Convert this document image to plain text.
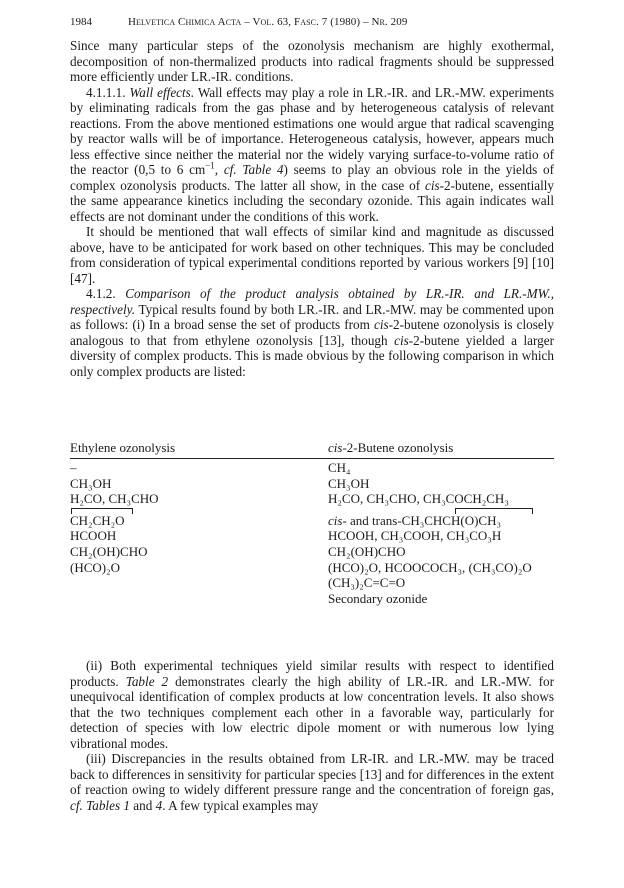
1984	Helvetica Chimica Acta – Vol. 63, Fasc. 7 (1980) – Nr. 209

Since many particular steps of the ozonolysis mechanism are highly exothermal, decomposition of non-thermalized products into radical fragments should be suppressed more efficiently under LR.-IR. conditions.

4.1.1.1. Wall effects. Wall effects may play a role in LR.-IR. and LR.-MW. experiments by eliminating radicals from the gas phase and by heterogeneous catalysis of relevant reactions. From the above mentioned estimations one would argue that radical scavenging by reactor walls will be of importance. Heterogeneous catalysis, however, appears much less effective since neither the material nor the widely varying surface-to-volume ratio of the reactor (0,5 to 6 $cm^{-1}$, cf. Table 4) seems to play an obvious role in the yields of complex ozonolysis products. The latter all show, in the case of cis-2-butene, essentially the same appearance kinetics including the secondary ozonide. This again indicates wall effects are not dominant under the conditions of this work.

It should be mentioned that wall effects of similar kind and magnitude as discussed above, have to be anticipated for work based on other techniques. This may be concluded from consideration of typical experimental conditions reported by various workers [9] [10] [47].

4.1.2. Comparison of the product analysis obtained by LR.-IR. and LR.-MW., respectively. Typical results found by both LR.-IR. and LR.-MW. may be commented upon as follows: (i) In a broad sense the set of products from cis-2-butene ozonolysis is closely analogous to that from ethylene ozonolysis [13], though cis-2-butene yielded a larger diversity of complex products. This is made obvious by the following comparison in which only complex products are listed:

Ethylene ozonolysis	cis-2-Butene ozonolysis
–
CH₃OH
H₂CO, CH₃CHO
CH₂CH₂O
HCOOH
CH₂(OH)CHO
(HCO)₂O
CH₄
CH₃OH
H₂CO, CH₃CHO, CH₃COCH₂CH₃
cis- and trans-CH₃CHCH(O)CH₃
HCOOH, CH₃COOH, CH₃CO₃H
CH₂(OH)CHO
(HCO)₂O, HCOOCOCH₃, (CH₃CO)₂O
(CH₃)₂C=C=O
Secondary ozonide

(ii) Both experimental techniques yield similar results with respect to identified products. Table 2 demonstrates clearly the high ability of LR.-IR. and LR.-MW. for unequivocal identification of complex products at low concentration levels. It also shows that the two techniques complement each other in a favorable way, particularly for detection of species with low electric dipole moment or with numerous low lying vibrational modes.

(iii) Discrepancies in the results obtained from LR-IR. and LR.-MW. may be traced back to differences in sensitivity for particular species [13] and for differences in the extent of reaction owing to widely different pressure range and the concentration of foreign gas, cf. Tables 1 and 4. A few typical examples may
